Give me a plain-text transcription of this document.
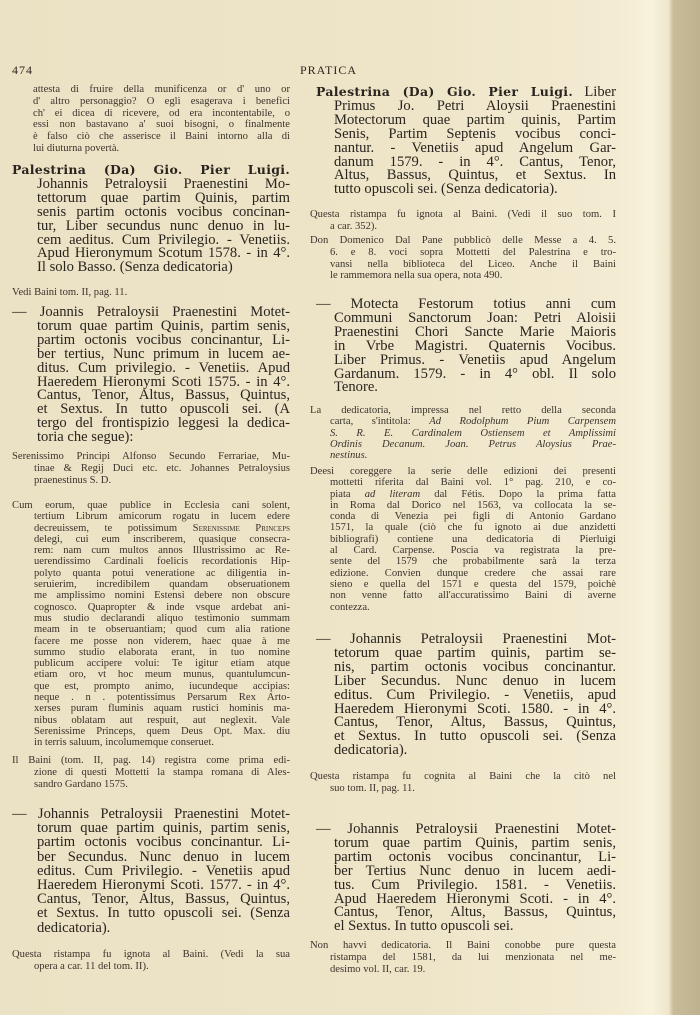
474	PRATICA
attesta di fruire della munificenza or d' uno or
d' altro personaggio? O egli esagerava i benefici
ch' ei dicea di ricevere, od era incontentabile, o
essi non bastavano a' suoi bisogni, o finalmente
è falso ciò che asserisce il Baini intorno alla di
lui diuturna povertà.
Palestrina (Da) Gio. Pier Luigi.
Johannis Petraloysii Praenestini Mo-
tettorum quae partim Quinis, partim
senis partim octonis vocibus concinan-
tur, Liber secundus nunc denuo in lu-
cem aeditus. Cum Privilegio. - Venetiis.
Apud Hieronymum Scotum 1578. - in 4°.
Il solo Basso. (Senza dedicatoria)
Vedi Baini tom. II, pag. 11.
— Joannis Petraloysii Praenestini Motet-
torum quae partim Quinis, partim senis,
partim octonis vocibus concinantur, Li-
ber tertius, Nunc primum in lucem ae-
ditus. Cum privilegio. - Venetiis. Apud
Haeredem Hieronymi Scoti 1575. - in 4°.
Cantus, Tenor, Altus, Bassus, Quintus,
et Sextus. In tutto opuscoli sei. (A
tergo del frontispizio leggesi la dedica-
toria che segue):
Serenissimo Principi Alfonso Secundo Ferrariae, Mu-
tinae & Regij Duci etc. etc. Johannes Petraloysius
praenestinus S. D.
Cum eorum, quae publice in Ecclesia cani solent,
tertium Librum amicorum rogatu in lucem edere
decreuissem, te potissimum Serenissime Princeps
delegi, cui eum inscriberem, quasique consecra-
rem: nam cum multos annos Illustrissimo ac Re-
uerendissimo Cardinali foelicis recordationis Hip-
polyto quanta potui veneratione ac diligentia in-
seruierim, incredibilem quandam obseruationem
me amplissimo nomini Estensi debere non obscure
cognosco. Quapropter & inde vsque ardebat ani-
mus studio declarandi aliquo testimonio summam
meam in te obseruantiam; quod cum alia ratione
facere me posse non viderem, haec quae à me
summo studio elaborata erant, in tuo nomine
publicum accipere volui: Te igitur etiam atque
etiam oro, vt hoc meum munus, quantulumcun-
que est, prompto animo, iucundeque accipias:
neque . n . potentissimus Persarum Rex Arto-
xerses puram fluminis aquam rustici hominis ma-
nibus oblatam aut respuit, aut neglexit. Vale
Serenissime Princeps, quem Deus Opt. Max. diu
in terris saluum, incolumemque conseruet.
Il Baini (tom. II, pag. 14) registra come prima edi-
zione di questi Mottetti la stampa romana di Ales-
sandro Gardano 1575.
— Johannis Petraloysii Praenestini Motet-
torum quae partim quinis, partim senis,
partim octonis vocibus concinantur. Li-
ber Secundus. Nunc denuo in lucem
editus. Cum Privilegio. - Venetiis apud
Haeredem Hieronymi Scoti. 1577. - in 4°.
Cantus, Tenor, Altus, Bassus, Quintus,
et Sextus. In tutto opuscoli sei. (Senza
dedicatoria).
Questa ristampa fu ignota al Baini. (Vedi la sua
opera a car. 11 del tom. II).
Palestrina (Da) Gio. Pier Luigi. Liber
Primus Jo. Petri Aloysii Praenestini
Motectorum quae partim quinis, Partim
Senis, Partim Septenis vocibus conci-
nantur. - Venetiis apud Angelum Gar-
danum 1579. - in 4°. Cantus, Tenor,
Altus, Bassus, Quintus, et Sextus. In
tutto opuscoli sei. (Senza dedicatoria).
Questa ristampa fu ignota al Baini. (Vedi il suo tom. I
a car. 352).
Don Domenico Dal Pane pubblicò delle Messe a 4. 5.
6. e 8. voci sopra Mottetti del Palestrina e tro-
vansi nella biblioteca del Liceo. Anche il Baini
le rammemora nella sua opera, nota 490.
— Motecta Festorum totius anni cum
Communi Sanctorum Joan: Petri Aloisii
Praenestini Chori Sancte Marie Maioris
in Vrbe Magistri. Quaternis Vocibus.
Liber Primus. - Venetiis apud Angelum
Gardanum. 1579. - in 4° obl. Il solo
Tenore.
La dedicatoria, impressa nel retto della seconda
carta, s'intitola: Ad Rodolphum Pium Carpensem
S. R. E. Cardinalem Ostiensem et Amplissimi
Ordinis Decanum. Joan. Petrus Aloysius Prae-
nestinus.
Deesi coreggere la serie delle edizioni dei presenti
mottetti riferita dal Baini vol. 1° pag. 210, e co-
piata ad literam dal Fétis. Dopo la prima fatta
in Roma dal Dorico nel 1563, va collocata la se-
conda di Venezia pei figli di Antonio Gardano
1571, la quale (ciò che fu ignoto ai due anzidetti
bibliografi) contiene una dedicatoria di Pierluigi
al Card. Carpense. Poscia va registrata la pre-
sente del 1579 che probabilmente sarà la terza
edizione. Convien dunque credere che assai rare
sieno e quella del 1571 e questa del 1579, poichè
non venne fatto all'accuratissimo Baini di averne
contezza.
— Johannis Petraloysii Praenestini Mot-
tetorum quae partim quinis, partim se-
nis, partim octonis vocibus concinantur.
Liber Secundus. Nunc denuo in lucem
editus. Cum Privilegio. - Venetiis, apud
Haeredem Hieronymi Scoti. 1580. - in 4°.
Cantus, Tenor, Altus, Bassus, Quintus,
et Sextus. In tutto opuscoli sei. (Senza
dedicatoria).
Questa ristampa fu cognita al Baini che la citò nel
suo tom. II, pag. 11.
— Johannis Petraloysii Praenestini Motet-
torum quae partim Quinis, partim senis,
partim octonis vocibus concinantur, Li-
ber Tertius Nunc denuo in lucem aedi-
tus. Cum Privilegio. 1581. - Venetiis.
Apud Haeredem Hieronymi Scoti. - in 4°.
Cantus, Tenor, Altus, Bassus, Quintus,
el Sextus. In tutto opuscoli sei.
Non havvi dedicatoria. Il Baini conobbe pure questa
ristampa del 1581, da lui menzionata nel me-
desimo vol. II, car. 19.
